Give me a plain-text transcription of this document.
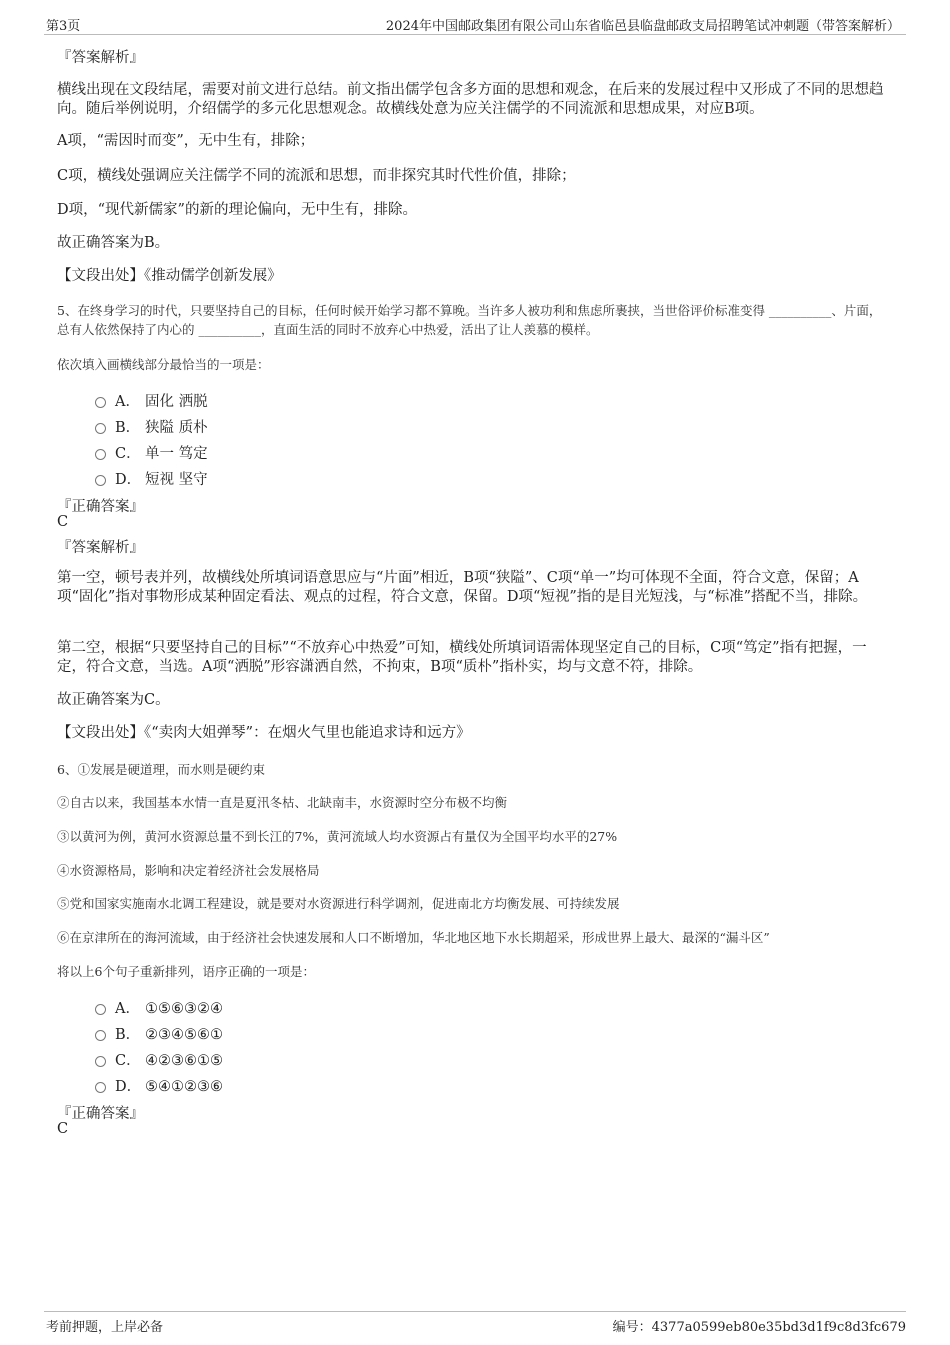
第3页	2024年中国邮政集团有限公司山东省临邑县临盘邮政支局招聘笔试冲刺题（带答案解析）
『答案解析』
横线出现在文段结尾，需要对前文进行总结。前文指出儒学包含多方面的思想和观念，在后来的发展过程中又形成了不同的思想趋向。随后举例说明，介绍儒学的多元化思想观念。故横线处意为应关注儒学的不同流派和思想成果，对应B项。
A项，“需因时而变”，无中生有，排除；
C项，横线处强调应关注儒学不同的流派和思想，而非探究其时代性价值，排除；
D项，“现代新儒家”的新的理论偏向，无中生有，排除。
故正确答案为B。
【文段出处】《推动儒学创新发展》
5、在终身学习的时代，只要坚持自己的目标，任何时候开始学习都不算晚。当许多人被功利和焦虑所裹挟，当世俗评价标准变得 __________、片面，总有人依然保持了内心的 __________，直面生活的同时不放弃心中热爱，活出了让人羡慕的模样。
依次填入画横线部分最恰当的一项是：
A． 固化 洒脱
B． 狭隘 质朴
C． 单一 笃定
D． 短视 坚守
『正确答案』
C
『答案解析』
第一空，顿号表并列，故横线处所填词语意思应与“片面”相近，B项“狭隘”、C项“单一”均可体现不全面，符合文意，保留；A项“固化”指对事物形成某种固定看法、观点的过程，符合文意，保留。D项“短视”指的是目光短浅，与“标准”搭配不当，排除。
第二空，根据“只要坚持自己的目标”“不放弃心中热爱”可知，横线处所填词语需体现坚定自己的目标，C项“笃定”指有把握，一定，符合文意，当选。A项“洒脱”形容潇洒自然，不拘束，B项“质朴”指朴实，均与文意不符，排除。
故正确答案为C。
【文段出处】《“卖肉大姐弹琴”：在烟火气里也能追求诗和远方》
6、①发展是硬道理，而水则是硬约束
②自古以来，我国基本水情一直是夏汛冬枯、北缺南丰，水资源时空分布极不均衡
③以黄河为例，黄河水资源总量不到长江的7%，黄河流域人均水资源占有量仅为全国平均水平的27%
④水资源格局，影响和决定着经济社会发展格局
⑤党和国家实施南水北调工程建设，就是要对水资源进行科学调剂，促进南北方均衡发展、可持续发展
⑥在京津所在的海河流域，由于经济社会快速发展和人口不断增加，华北地区地下水长期超采，形成世界上最大、最深的“漏斗区”
将以上6个句子重新排列，语序正确的一项是：
A． ①⑤⑥③②④
B． ②③④⑤⑥①
C． ④②③⑥①⑤
D． ⑤④①②③⑥
『正确答案』
C
考前押题，上岸必备	编号：4377a0599eb80e35bd3d1f9c8d3fc679
